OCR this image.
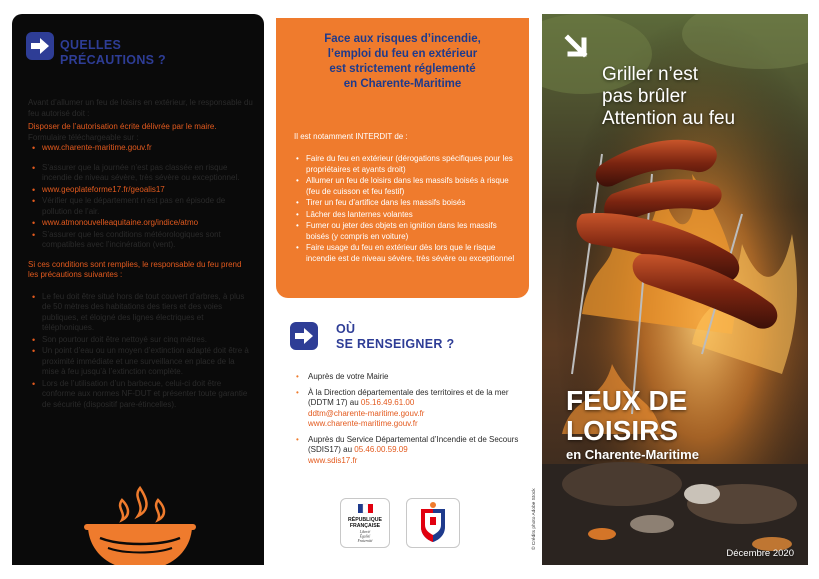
QUELLES
PRÉCAUTIONS ?

Avant d’allumer un feu de loisirs en extérieur, le responsable du feu autorisé doit :

Disposer de l’autorisation écrite délivrée par le maire.
Formulaire téléchargeable sur :

• www.charente-maritime.gouv.fr
• S’assurer que la journée n’est pas classée en risque incendie de niveau sévère, très sévère ou exceptionnel.
• www.geoplateforme17.fr/geoalis17
• Vérifier que le département n’est pas en épisode de pollution de l’air.
• www.atmonouvelleaquitaine.org/indice/atmo
• S’assurer que les conditions météorologiques sont compatibles avec l’incinération (vent).

Si ces conditions sont remplies, le responsable du feu prend les précautions suivantes :

• Le feu doit être situé hors de tout couvert d’arbres, à plus de 50 mètres des habitations des tiers et des voies publiques, et éloigné des lignes électriques et téléphoniques.
• Son pourtour doit être nettoyé sur cinq mètres.
• Un point d’eau ou un moyen d’extinction adapté doit être à proximité immédiate et une surveillance en place de la mise à feu jusqu’à l’extinction complète.
• Lors de l’utilisation d’un barbecue, celui-ci doit être conforme aux normes NF-DUT et présenter toute garantie de sécurité (dispositif pare-étincelles).
Face aux risques d’incendie,
l’emploi du feu en extérieur
est strictement réglementé
en Charente-Maritime
Il est notamment INTERDIT de :
• Faire du feu en extérieur (dérogations spécifiques pour les propriétaires et ayants droit)
• Allumer un feu de loisirs dans les massifs boisés à risque (feu de cuisson et feu festif)
• Tirer un feu d’artifice dans les massifs boisés
• Lâcher des lanternes volantes
• Fumer ou jeter des objets en ignition dans les massifs boisés (y compris en voiture)
• Faire usage du feu en extérieur dès lors que le risque incendie est de niveau sévère, très sévère ou exceptionnel
OÙ
SE RENSEIGNER ?
• Auprès de votre Mairie
• À la Direction départementale des territoires et de la mer (DDTM 17) au 05.16.49.61.00
ddtm@charente-maritime.gouv.fr
www.charente-maritime.gouv.fr
• Auprès du Service Départemental d’Incendie et de Secours (SDIS17) au 05.46.00.59.09
www.sdis17.fr
RÉPUBLIQUE
FRANÇAISE
Liberté
Égalité
Fraternité	© Crédits photo Adobe Stock
Griller n’est
pas brûler
Attention au feu
FEUX DE
LOISIRS
en Charente-Maritime
Décembre 2020
